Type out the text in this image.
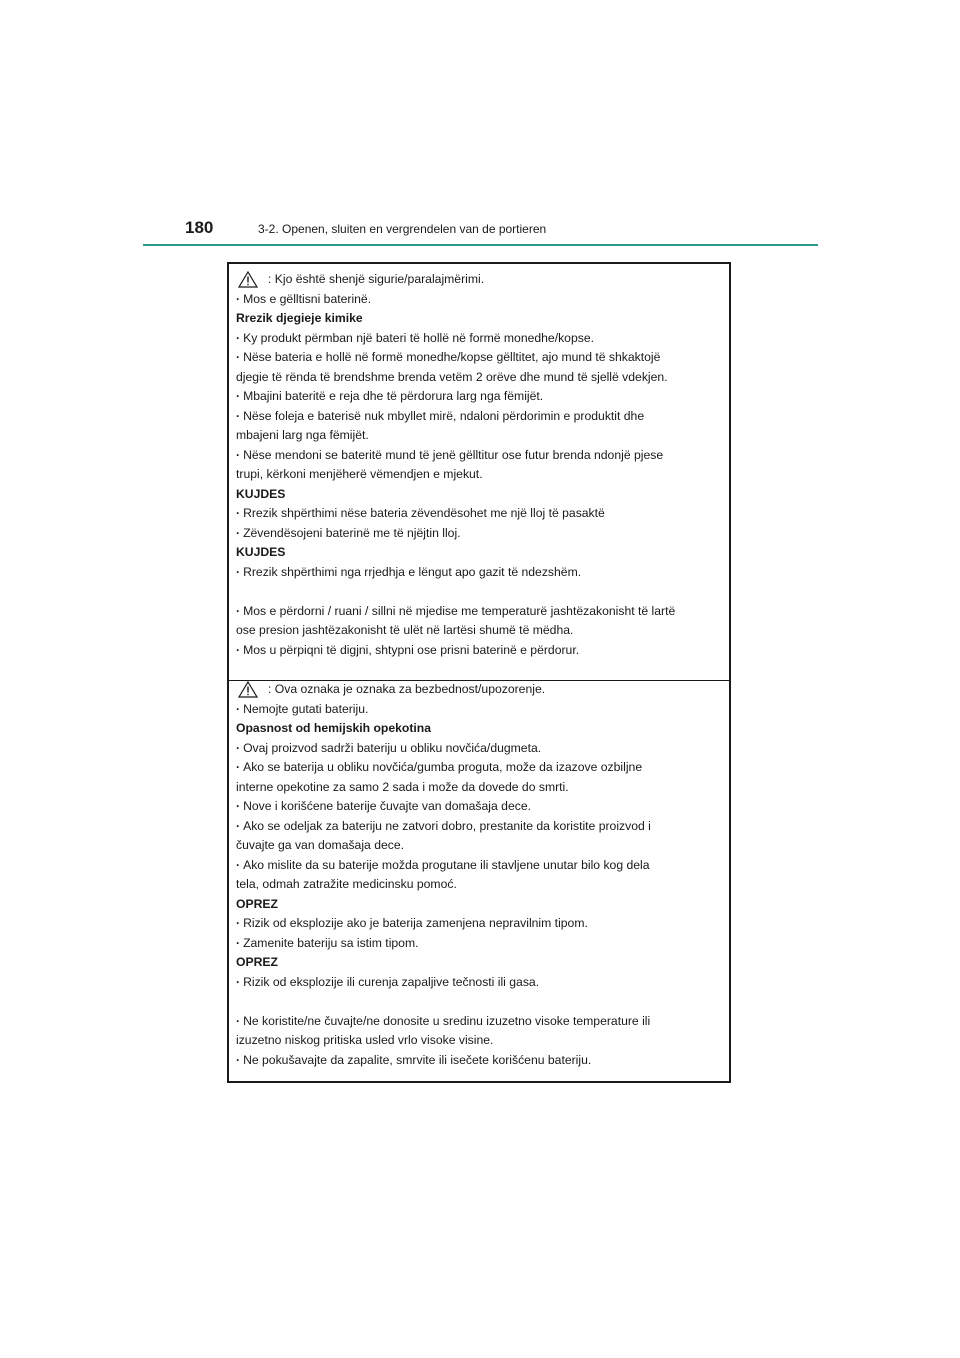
180	3-2. Openen, sluiten en vergrendelen van de portieren
: Kjo është shenjë sigurie/paralajmërimi.
· Mos e gëlltisni baterinë.
Rrezik djegieje kimike
· Ky produkt përmban një bateri të hollë në formë monedhe/kopse.
· Nëse bateria e hollë në formë monedhe/kopse gëlltitet, ajo mund të shkaktojë
djegie të rënda të brendshme brenda vetëm 2 orëve dhe mund të sjellë vdekjen.
· Mbajini bateritë e reja dhe të përdorura larg nga fëmijët.
· Nëse foleja e baterisë nuk mbyllet mirë, ndaloni përdorimin e produktit dhe
mbajeni larg nga fëmijët.
· Nëse mendoni se bateritë mund të jenë gëlltitur ose futur brenda ndonjë pjese
trupi, kërkoni menjëherë vëmendjen e mjekut.
KUJDES
· Rrezik shpërthimi nëse bateria zëvendësohet me një lloj të pasaktë
· Zëvendësojeni baterinë me të njëjtin lloj.
KUJDES
· Rrezik shpërthimi nga rrjedhja e lëngut apo gazit të ndezshëm.
· Mos e përdorni / ruani / sillni në mjedise me temperaturë jashtëzakonisht të lartë
ose presion jashtëzakonisht të ulët në lartësi shumë të mëdha.
· Mos u përpiqni të digjni, shtypni ose prisni baterinë e përdorur.
: Ova oznaka je oznaka za bezbednost/upozorenje.
· Nemojte gutati bateriju.
Opasnost od hemijskih opekotina
· Ovaj proizvod sadrži bateriju u obliku novčića/dugmeta.
· Ako se baterija u obliku novčića/gumba proguta, može da izazove ozbiljne
interne opekotine za samo 2 sada i može da dovede do smrti.
· Nove i korišćene baterije čuvajte van domašaja dece.
· Ako se odeljak za bateriju ne zatvori dobro, prestanite da koristite proizvod i
čuvajte ga van domašaja dece.
· Ako mislite da su baterije možda progutane ili stavljene unutar bilo kog dela
tela, odmah zatražite medicinsku pomoć.
OPREZ
· Rizik od eksplozije ako je baterija zamenjena nepravilnim tipom.
· Zamenite bateriju sa istim tipom.
OPREZ
· Rizik od eksplozije ili curenja zapaljive tečnosti ili gasa.
· Ne koristite/ne čuvajte/ne donosite u sredinu izuzetno visoke temperature ili
izuzetno niskog pritiska usled vrlo visoke visine.
· Ne pokušavajte da zapalite, smrvite ili isečete korišćenu bateriju.
